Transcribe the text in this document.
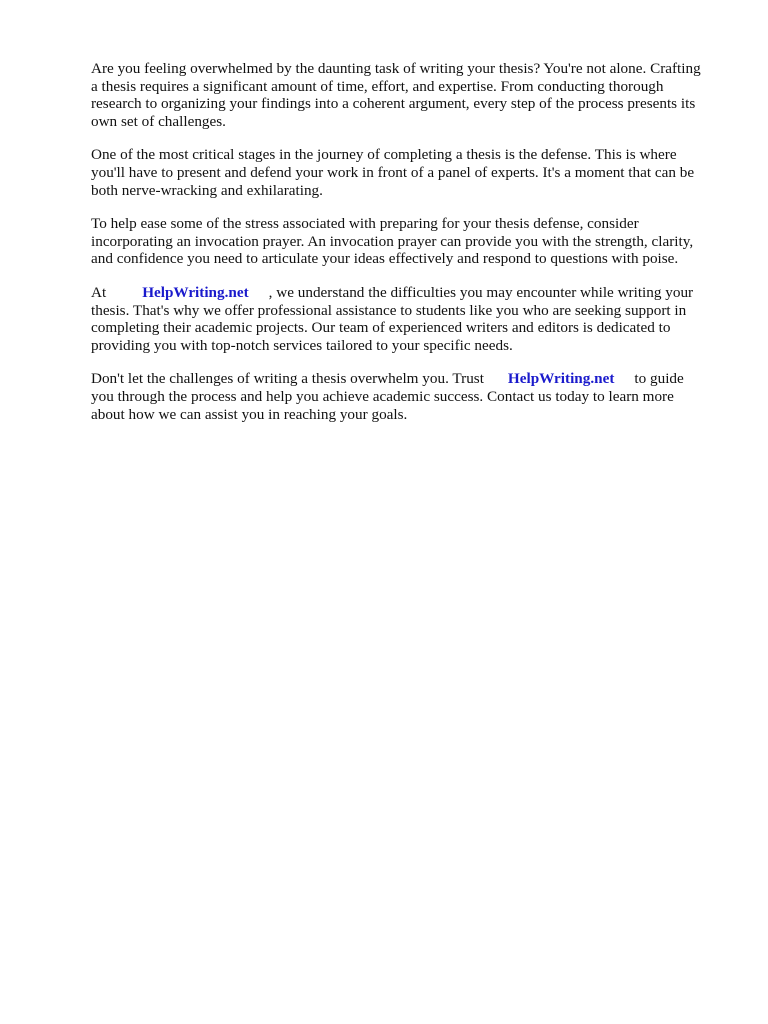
Are you feeling overwhelmed by the daunting task of writing your thesis? You're not alone. Crafting
a thesis requires a significant amount of time, effort, and expertise. From conducting thorough
research to organizing your findings into a coherent argument, every step of the process presents its
own set of challenges.

One of the most critical stages in the journey of completing a thesis is the defense. This is where
you'll have to present and defend your work in front of a panel of experts. It's a moment that can be
both nerve-wracking and exhilarating.

To help ease some of the stress associated with preparing for your thesis defense, consider
incorporating an invocation prayer. An invocation prayer can provide you with the strength, clarity,
and confidence you need to articulate your ideas effectively and respond to questions with poise.

At HelpWriting.net , we understand the difficulties you may encounter while writing your
thesis. That's why we offer professional assistance to students like you who are seeking support in
completing their academic projects. Our team of experienced writers and editors is dedicated to
providing you with top-notch services tailored to your specific needs.

Don't let the challenges of writing a thesis overwhelm you. Trust HelpWriting.net to guide
you through the process and help you achieve academic success. Contact us today to learn more
about how we can assist you in reaching your goals.
